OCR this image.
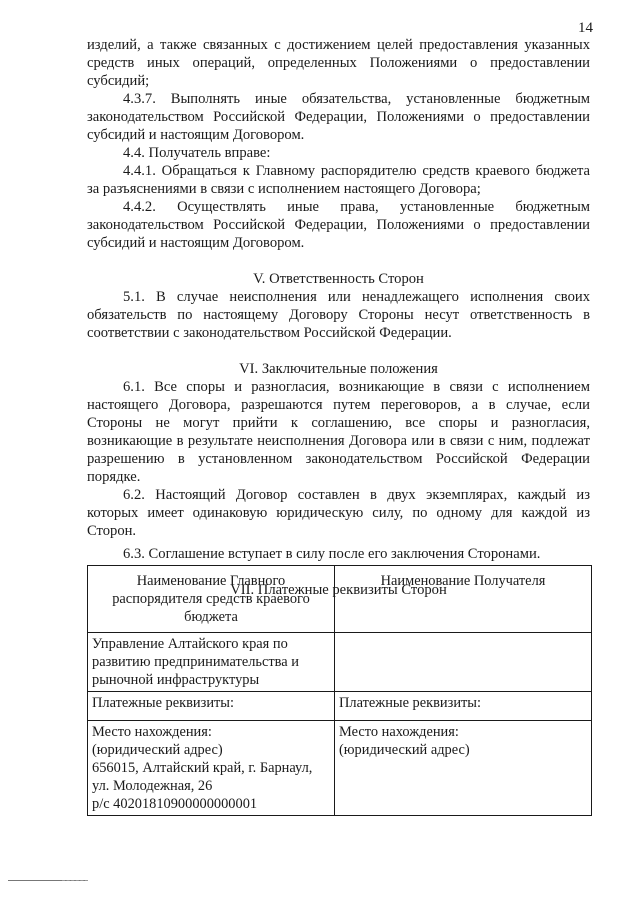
14

изделий, а также связанных с достижением целей предоставления указанных средств иных операций, определенных Положениями о предоставлении субсидий;

4.3.7. Выполнять иные обязательства, установленные бюджетным законодательством Российской Федерации, Положениями о предоставлении субсидий и настоящим Договором.

4.4. Получатель вправе:

4.4.1. Обращаться к Главному распорядителю средств краевого бюджета за разъяснениями в связи с исполнением настоящего Договора;

4.4.2. Осуществлять иные права, установленные бюджетным законодательством Российской Федерации, Положениями о предоставлении субсидий и настоящим Договором.

V. Ответственность Сторон

5.1. В случае неисполнения или ненадлежащего исполнения своих обязательств по настоящему Договору Стороны несут ответственность в соответствии с законодательством Российской Федерации.

VI. Заключительные положения

6.1. Все споры и разногласия, возникающие в связи с исполнением настоящего Договора, разрешаются путем переговоров, а в случае, если Стороны не могут прийти к соглашению, все споры и разногласия, возникающие в результате неисполнения Договора или в связи с ним, подлежат разрешению в установленном законодательством Российской Федерации порядке.

6.2. Настоящий Договор составлен в двух экземплярах, каждый из которых имеет одинаковую юридическую силу, по одному для каждой из Сторон.

6.3. Соглашение вступает в силу после его заключения Сторонами.

VII. Платежные реквизиты Сторон

Наименование Главного
распорядителя средств краевого
бюджета	Наименование Получателя

Управление Алтайского края по
развитию предпринимательства и
рыночной инфраструктуры	

Платежные реквизиты:	Платежные реквизиты:

Место нахождения:
(юридический адрес)
656015, Алтайский край, г. Барнаул,
ул. Молодежная, 26
р/с 40201810900000000001	Место нахождения:
(юридический адрес)
